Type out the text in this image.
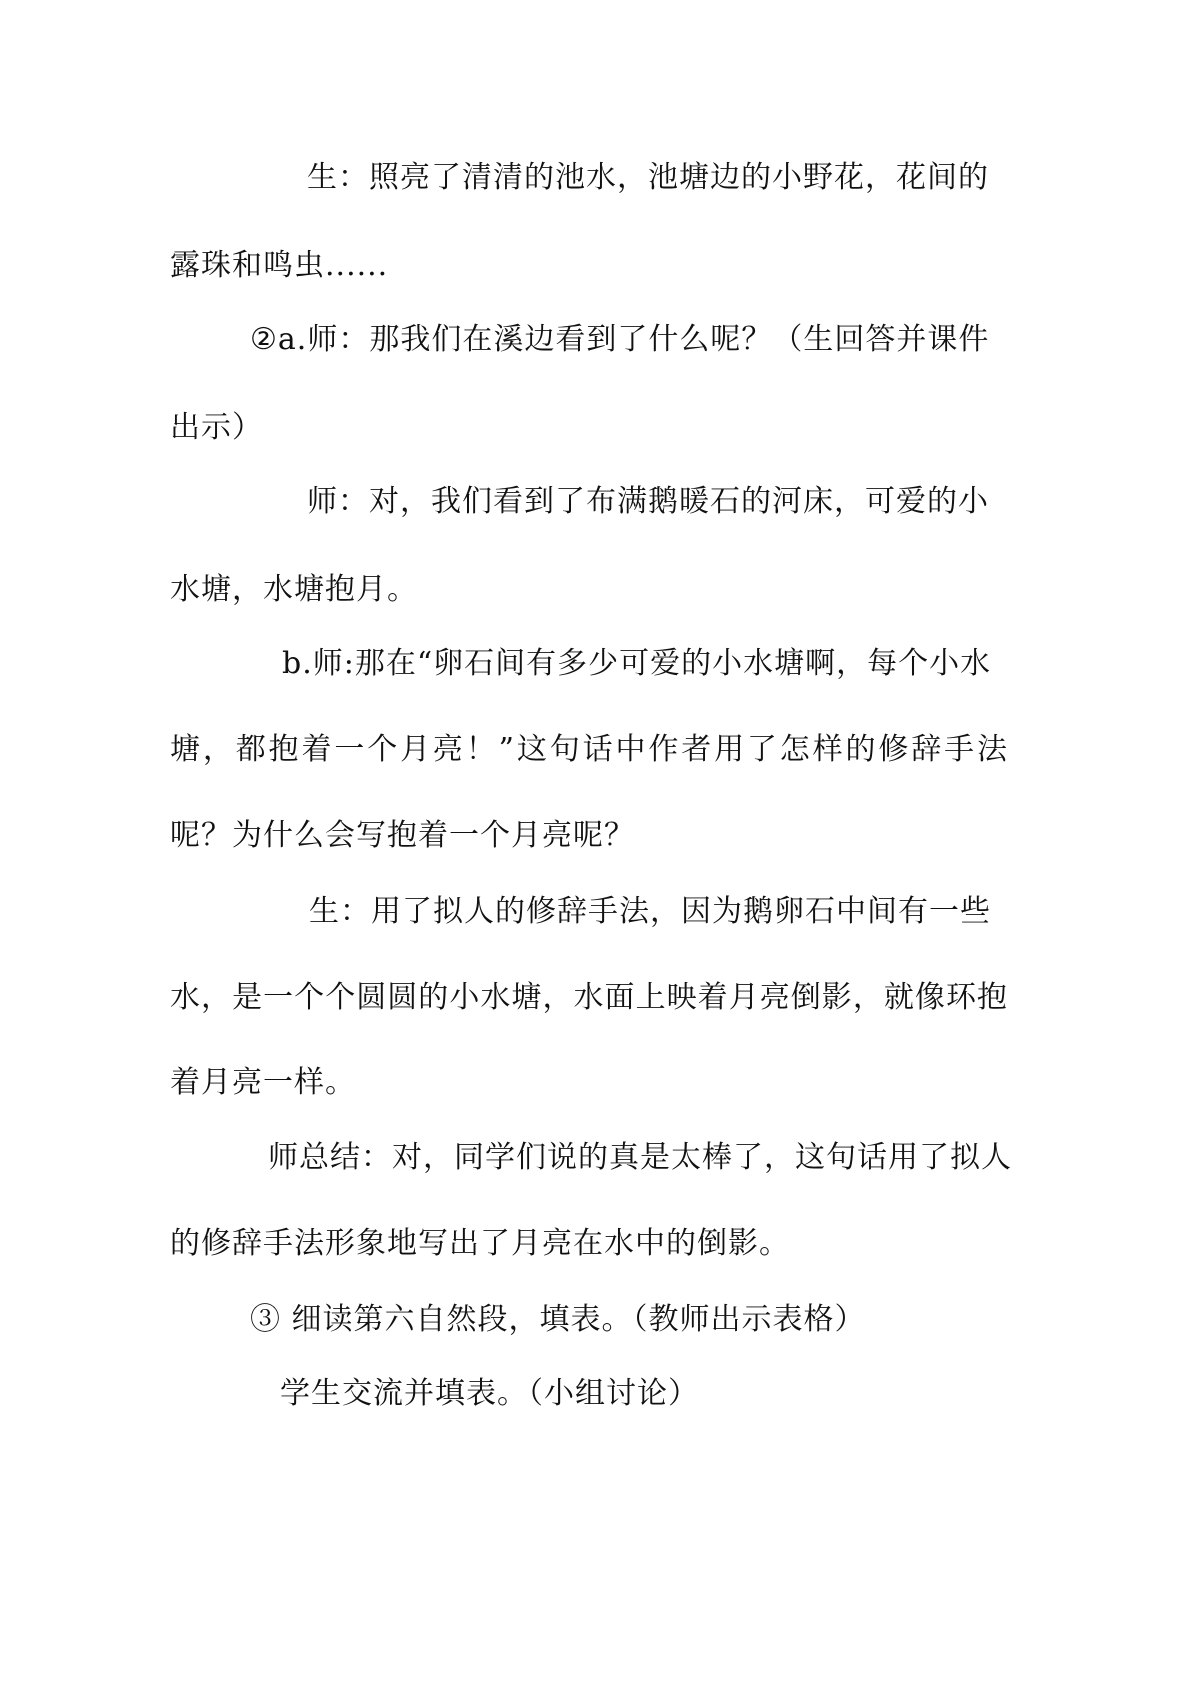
生：照亮了清清的池水，池塘边的小野花，花间的
露珠和鸣虫......
②a.师：那我们在溪边看到了什么呢？（生回答并课件
出示）
师：对，我们看到了布满鹅暖石的河床，可爱的小
水塘，水塘抱月。
b.师:那在“卵石间有多少可爱的小水塘啊，每个小水
塘，都抱着一个月亮！”这句话中作者用了怎样的修辞手法
呢？为什么会写抱着一个月亮呢？
生：用了拟人的修辞手法，因为鹅卵石中间有一些
水，是一个个圆圆的小水塘，水面上映着月亮倒影，就像环抱
着月亮一样。
师总结：对，同学们说的真是太棒了，这句话用了拟人
的修辞手法形象地写出了月亮在水中的倒影。
③ 细读第六自然段，填表。（教师出示表格）
学生交流并填表。（小组讨论）
